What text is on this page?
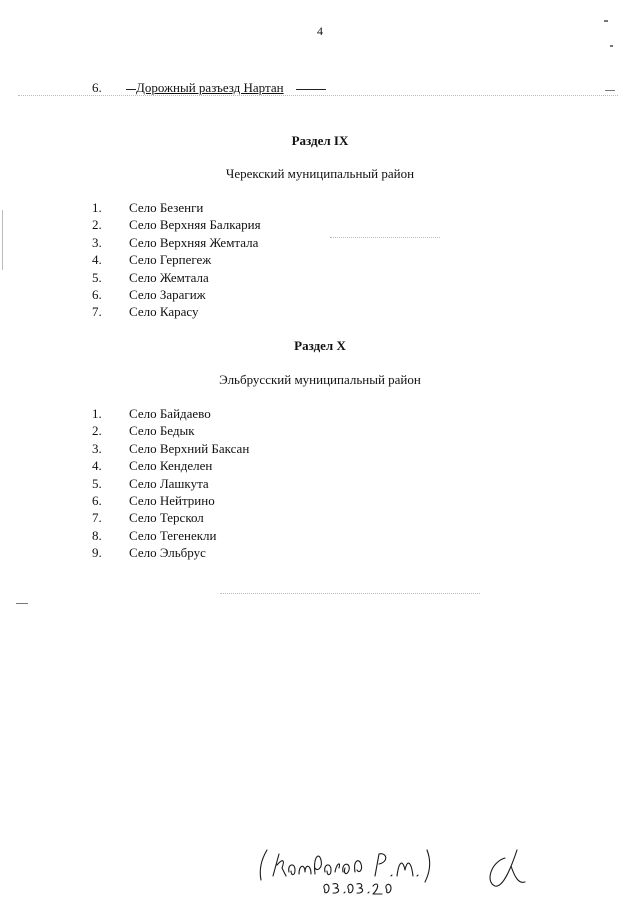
4
6.	Дорожный разъезд Нартан
Раздел IX
Черекский муниципальный район
1. Село Безенги
2. Село Верхняя Балкария
3. Село Верхняя Жемтала
4. Село Герпегеж
5. Село Жемтала
6. Село Зарагиж
7. Село Карасу
Раздел X
Эльбрусский муниципальный район
1. Село Байдаево
2. Село Бедык
3. Село Верхний Баксан
4. Село Кенделен
5. Село Лашкута
6. Село Нейтрино
7. Село Терскол
8. Село Тегенекли
9. Село Эльбрус
